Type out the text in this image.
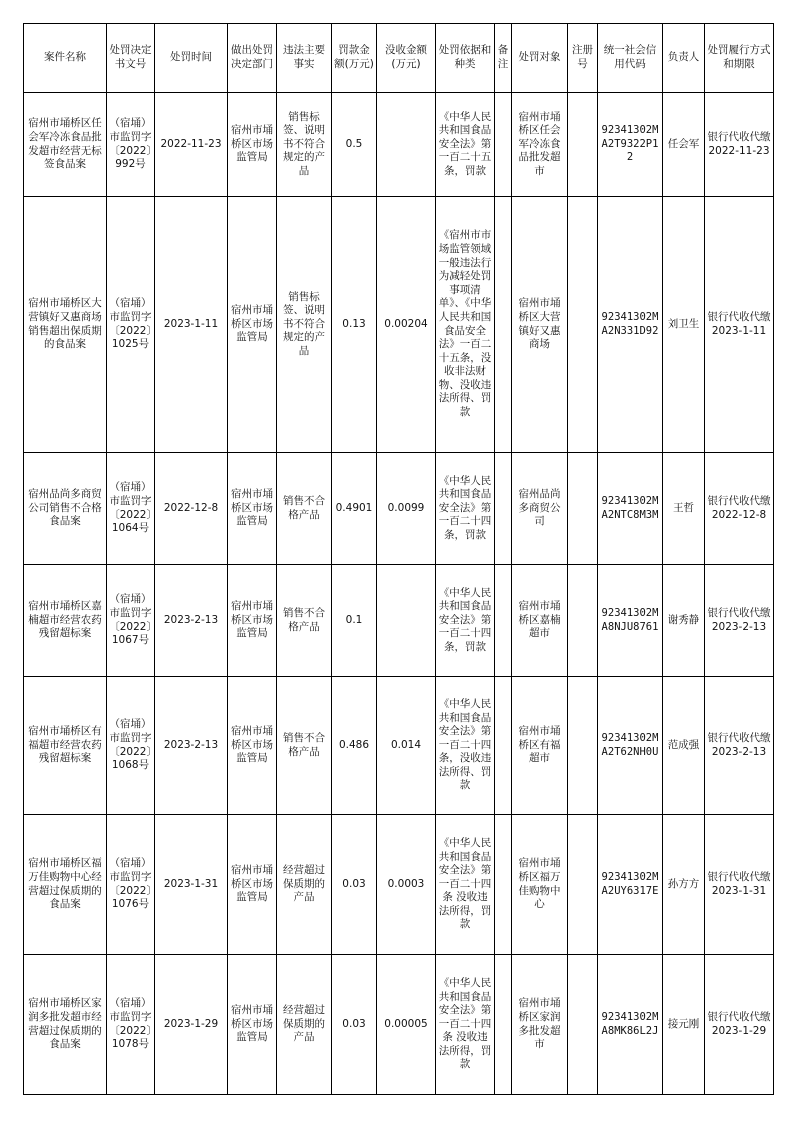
案件名称	处罚决定书文号	处罚时间	做出处罚决定部门	违法主要事实	罚款金额(万元)	没收金额(万元)	处罚依据和种类	备注	处罚对象	注册号	统一社会信用代码	负责人	处罚履行方式和期限
宿州市埇桥区任会军冷冻食品批发超市经营无标签食品案	（宿埇）市监罚字〔2022〕992号	2022-11-23	宿州市埇桥区市场监管局	销售标签、说明书不符合规定的产品	0.5		《中华人民共和国食品安全法》第一百二十五条，罚款		宿州市埇桥区任会军冷冻食品批发超市		92341302MA2T9322P12	任会军	银行代收代缴2022-11-23
宿州市埇桥区大营镇好又惠商场销售超出保质期的食品案	（宿埇）市监罚字〔2022〕1025号	2023-1-11	宿州市埇桥区市场监管局	销售标签、说明书不符合规定的产品	0.13	0.00204	《宿州市市场监管领域一般违法行为减轻处罚事项清单》、《中华人民共和国食品安全法》一百二十五条，没收非法财物、没收违法所得、罚款		宿州市埇桥区大营镇好又惠商场		92341302MA2N331D92	刘卫生	银行代收代缴2023-1-11
宿州品尚多商贸公司销售不合格食品案	（宿埇）市监罚字〔2022〕1064号	2022-12-8	宿州市埇桥区市场监管局	销售不合格产品	0.4901	0.0099	《中华人民共和国食品安全法》第一百二十四条，罚款		宿州品尚多商贸公司		92341302MA2NTC8M3M	王哲	银行代收代缴2022-12-8
宿州市埇桥区嘉楠超市经营农药残留超标案	（宿埇）市监罚字〔2022〕1067号	2023-2-13	宿州市埇桥区市场监管局	销售不合格产品	0.1		《中华人民共和国食品安全法》第一百二十四条，罚款		宿州市埇桥区嘉楠超市		92341302MA8NJU8761	谢秀静	银行代收代缴2023-2-13
宿州市埇桥区有福超市经营农药残留超标案	（宿埇）市监罚字〔2022〕1068号	2023-2-13	宿州市埇桥区市场监管局	销售不合格产品	0.486	0.014	《中华人民共和国食品安全法》第一百二十四条，没收违法所得、罚款		宿州市埇桥区有福超市		92341302MA2T62NH0U	范成强	银行代收代缴2023-2-13
宿州市埇桥区福万佳购物中心经营超过保质期的食品案	（宿埇）市监罚字〔2022〕1076号	2023-1-31	宿州市埇桥区市场监管局	经营超过保质期的产品	0.03	0.0003	《中华人民共和国食品安全法》第一百二十四条 没收违法所得，罚款		宿州市埇桥区福万佳购物中心		92341302MA2UY6317E	孙方方	银行代收代缴2023-1-31
宿州市埇桥区家润多批发超市经营超过保质期的食品案	（宿埇）市监罚字〔2022〕1078号	2023-1-29	宿州市埇桥区市场监管局	经营超过保质期的产品	0.03	0.00005	《中华人民共和国食品安全法》第一百二十四条 没收违法所得，罚款		宿州市埇桥区家润多批发超市		92341302MA8MK86L2J	接元刚	银行代收代缴2023-1-29
